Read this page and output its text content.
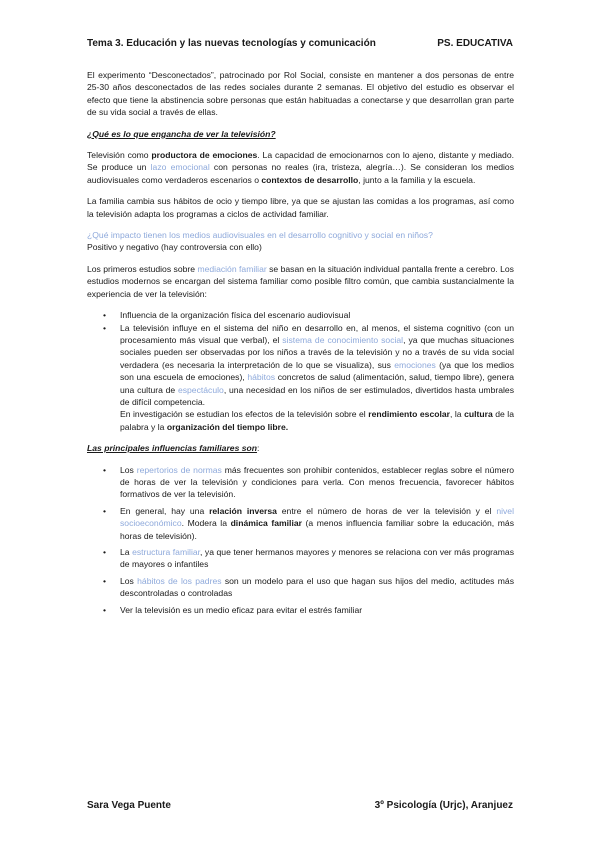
Tema 3. Educación y las nuevas tecnologías y comunicación	PS. EDUCATIVA

El experimento “Desconectados”, patrocinado por Rol Social, consiste en mantener a dos personas de entre 25-30 años desconectados de las redes sociales durante 2 semanas. El objetivo del estudio es observar el efecto que tiene la abstinencia sobre personas que están habituadas a conectarse y que desarrollan gran parte de su vida social a través de ellas.

¿Qué es lo que engancha de ver la televisión?

Televisión como productora de emociones. La capacidad de emocionarnos con lo ajeno, distante y mediado. Se produce un lazo emocional con personas no reales (ira, tristeza, alegría…). Se consideran los medios audiovisuales como verdaderos escenarios o contextos de desarrollo, junto a la familia y la escuela.

La familia cambia sus hábitos de ocio y tiempo libre, ya que se ajustan las comidas a los programas, así como la televisión adapta los programas a ciclos de actividad familiar.

¿Qué impacto tienen los medios audiovisuales en el desarrollo cognitivo y social en niños?

Positivo y negativo (hay controversia con ello)

Los primeros estudios sobre mediación familiar se basan en la situación individual pantalla frente a cerebro. Los estudios modernos se encargan del sistema familiar como posible filtro común, que cambia sustancialmente la experiencia de ver la televisión:

• Influencia de la organización física del escenario audiovisual
• La televisión influye en el sistema del niño en desarrollo en, al menos, el sistema cognitivo (con un procesamiento más visual que verbal), el sistema de conocimiento social, ya que muchas situaciones sociales pueden ser observadas por los niños a través de la televisión y no a través de su vida social verdadera (es necesaria la interpretación de lo que se visualiza), sus emociones (ya que los medios son una escuela de emociones), hábitos concretos de salud (alimentación, salud, tiempo libre), genera una cultura de espectáculo, una necesidad en los niños de ser estimulados, divertidos hasta umbrales de difícil competencia.
En investigación se estudian los efectos de la televisión sobre el rendimiento escolar, la cultura de la palabra y la organización del tiempo libre.

Las principales influencias familiares son:

• Los repertorios de normas más frecuentes son prohibir contenidos, establecer reglas sobre el número de horas de ver la televisión y condiciones para verla. Con menos frecuencia, favorecer hábitos formativos de ver la televisión.
• En general, hay una relación inversa entre el número de horas de ver la televisión y el nivel socioeconómico. Modera la dinámica familiar (a menos influencia familiar sobre la educación, más horas de televisión).
• La estructura familiar, ya que tener hermanos mayores y menores se relaciona con ver más programas de mayores o infantiles
• Los hábitos de los padres son un modelo para el uso que hagan sus hijos del medio, actitudes más descontroladas o controladas
• Ver la televisión es un medio eficaz para evitar el estrés familiar
Sara Vega Puente	3º Psicología (Urjc), Aranjuez
